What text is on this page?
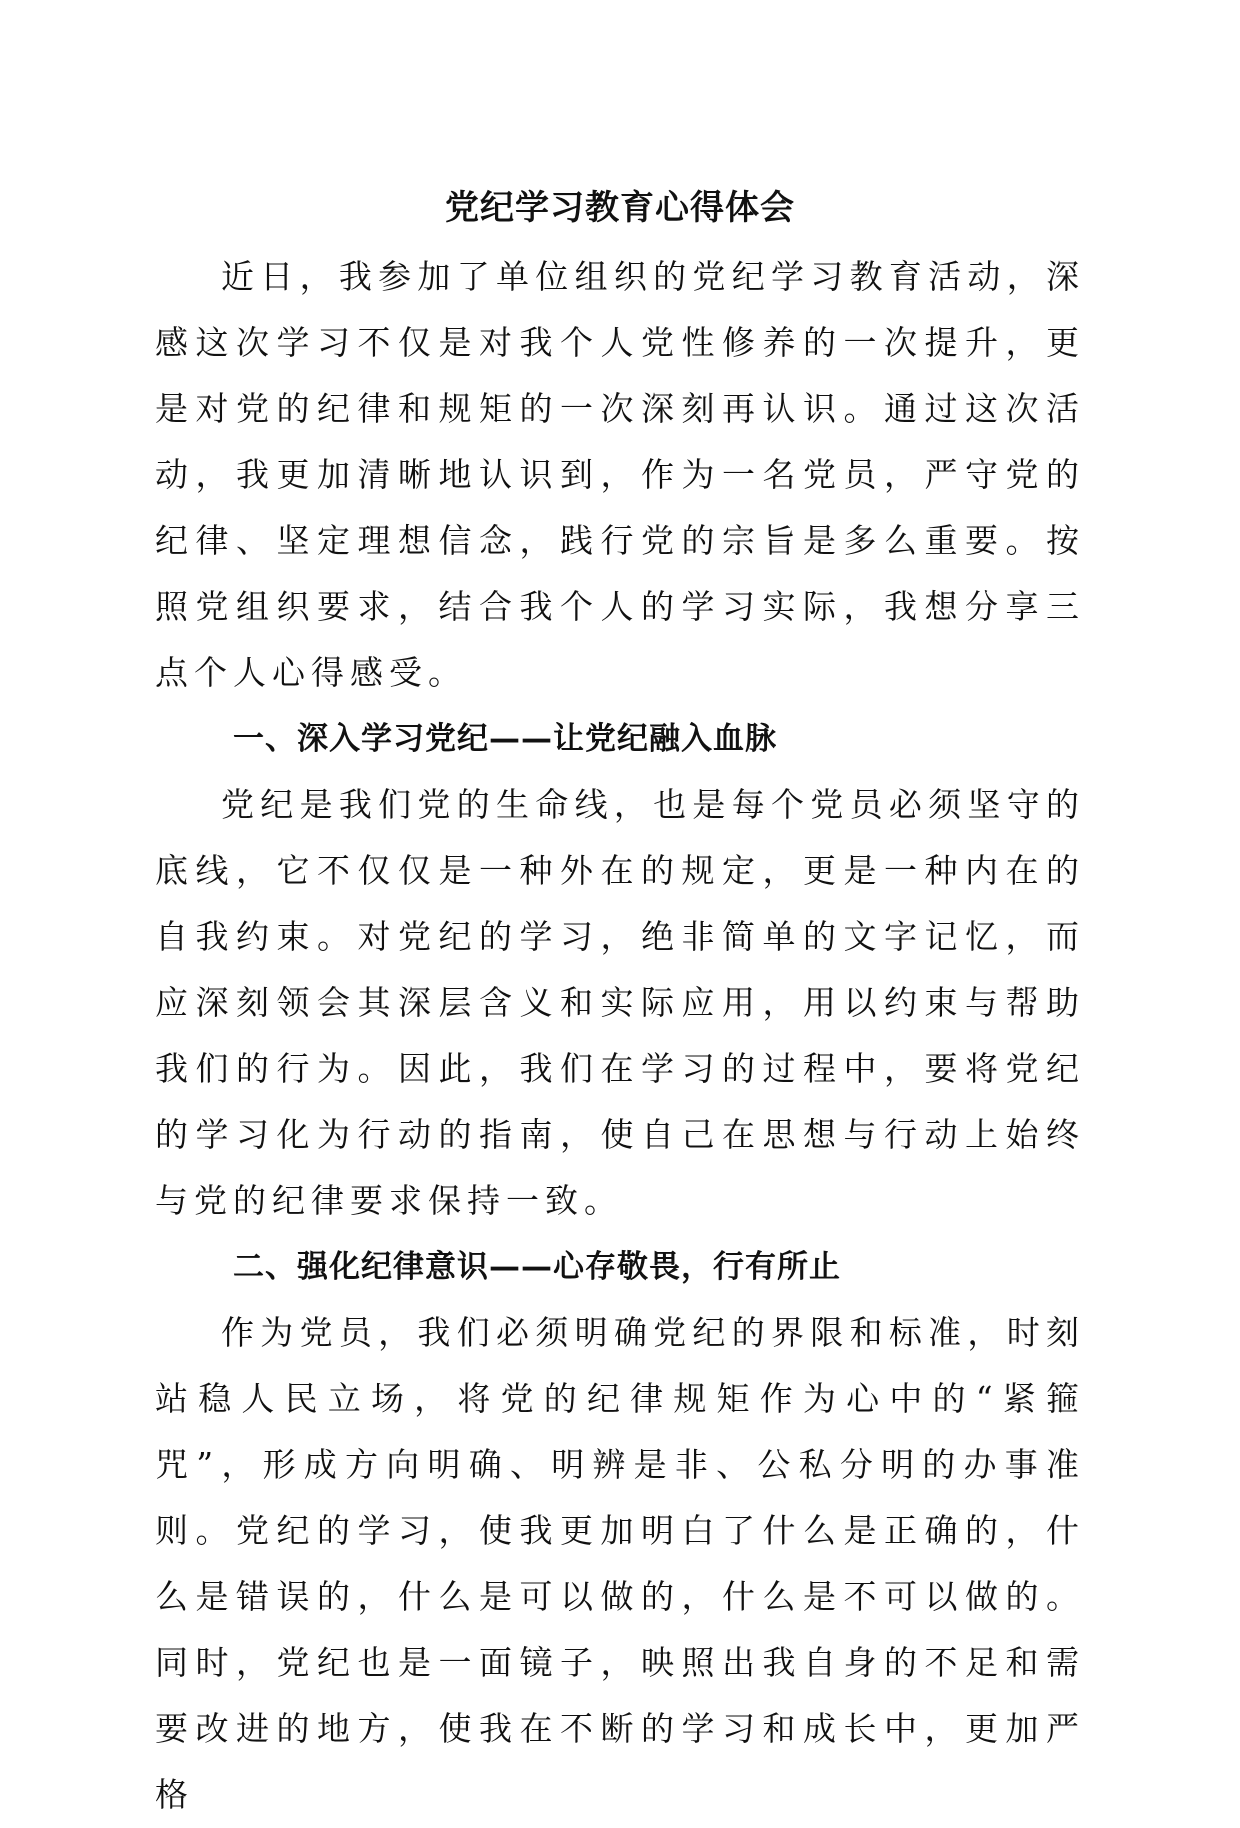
党纪学习教育心得体会

近日，我参加了单位组织的党纪学习教育活动，深感这次学习不仅是对我个人党性修养的一次提升，更是对党的纪律和规矩的一次深刻再认识。通过这次活动，我更加清晰地认识到，作为一名党员，严守党的纪律、坚定理想信念，践行党的宗旨是多么重要。按照党组织要求，结合我个人的学习实际，我想分享三点个人心得感受。

一、深入学习党纪——让党纪融入血脉

党纪是我们党的生命线，也是每个党员必须坚守的底线，它不仅仅是一种外在的规定，更是一种内在的自我约束。对党纪的学习，绝非简单的文字记忆，而应深刻领会其深层含义和实际应用，用以约束与帮助我们的行为。因此，我们在学习的过程中，要将党纪的学习化为行动的指南，使自己在思想与行动上始终与党的纪律要求保持一致。

二、强化纪律意识——心存敬畏，行有所止

作为党员，我们必须明确党纪的界限和标准，时刻站稳人民立场，将党的纪律规矩作为心中的“紧箍咒”，形成方向明确、明辨是非、公私分明的办事准则。党纪的学习，使我更加明白了什么是正确的，什么是错误的，什么是可以做的，什么是不可以做的。同时，党纪也是一面镜子，映照出我自身的不足和需要改进的地方，使我在不断的学习和成长中，更加严格
